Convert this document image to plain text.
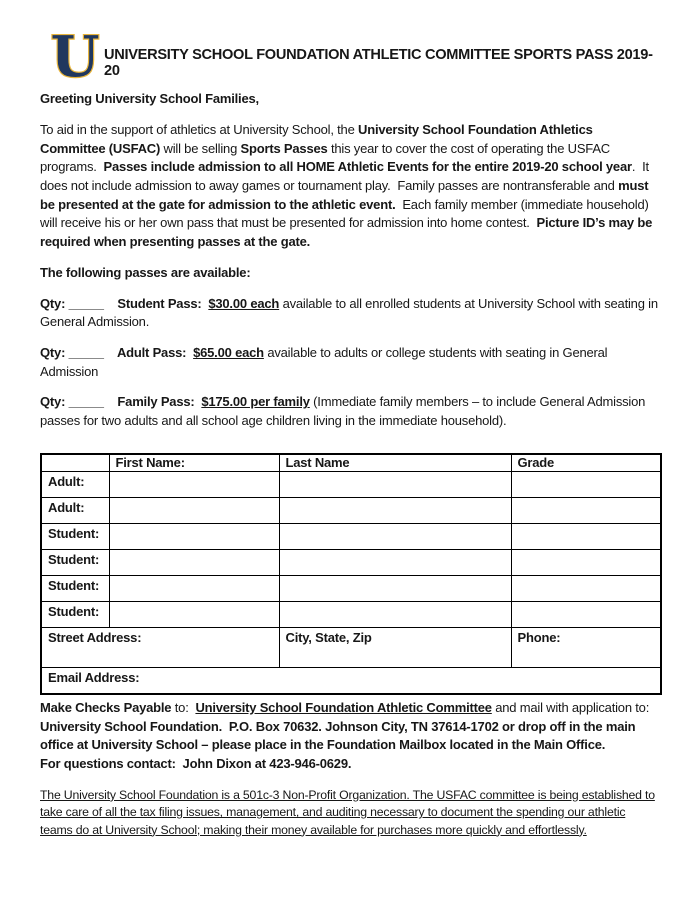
U UNIVERSITY SCHOOL FOUNDATION ATHLETIC COMMITTEE SPORTS PASS 2019-20
Greeting University School Families,

To aid in the support of athletics at University School, the University School Foundation Athletics Committee (USFAC) will be selling Sports Passes this year to cover the cost of operating the USFAC programs.  Passes include admission to all HOME Athletic Events for the entire 2019-20 school year.  It does not include admission to away games or tournament play.  Family passes are nontransferable and must be presented at the gate for admission to the athletic event.  Each family member (immediate household) will receive his or her own pass that must be presented for admission into home contest.  Picture ID’s may be required when presenting passes at the gate.

The following passes are available:

Qty: _____    Student Pass:  $30.00 each available to all enrolled students at University School with seating in General Admission.

Qty: _____    Adult Pass:  $65.00 each available to adults or college students with seating in General Admission

Qty: _____    Family Pass:  $175.00 per family (Immediate family members – to include General Admission passes for two adults and all school age children living in the immediate household).

	First Name:	Last Name	Grade
Adult:			
Adult:			
Student:			
Student:			
Student:			
Student:			
Street Address:		City, State, Zip	Phone:
Email Address:			

Make Checks Payable to:  University School Foundation Athletic Committee and mail with application to: University School Foundation.  P.O. Box 70632. Johnson City, TN 37614-1702 or drop off in the main office at University School – please place in the Foundation Mailbox located in the Main Office.

For questions contact:  John Dixon at 423-946-0629.

The University School Foundation is a 501c-3 Non-Profit Organization. The USFAC committee is being established to take care of all the tax filing issues, management, and auditing necessary to document the spending our athletic teams do at University School; making their money available for purchases more quickly and effortlessly.
